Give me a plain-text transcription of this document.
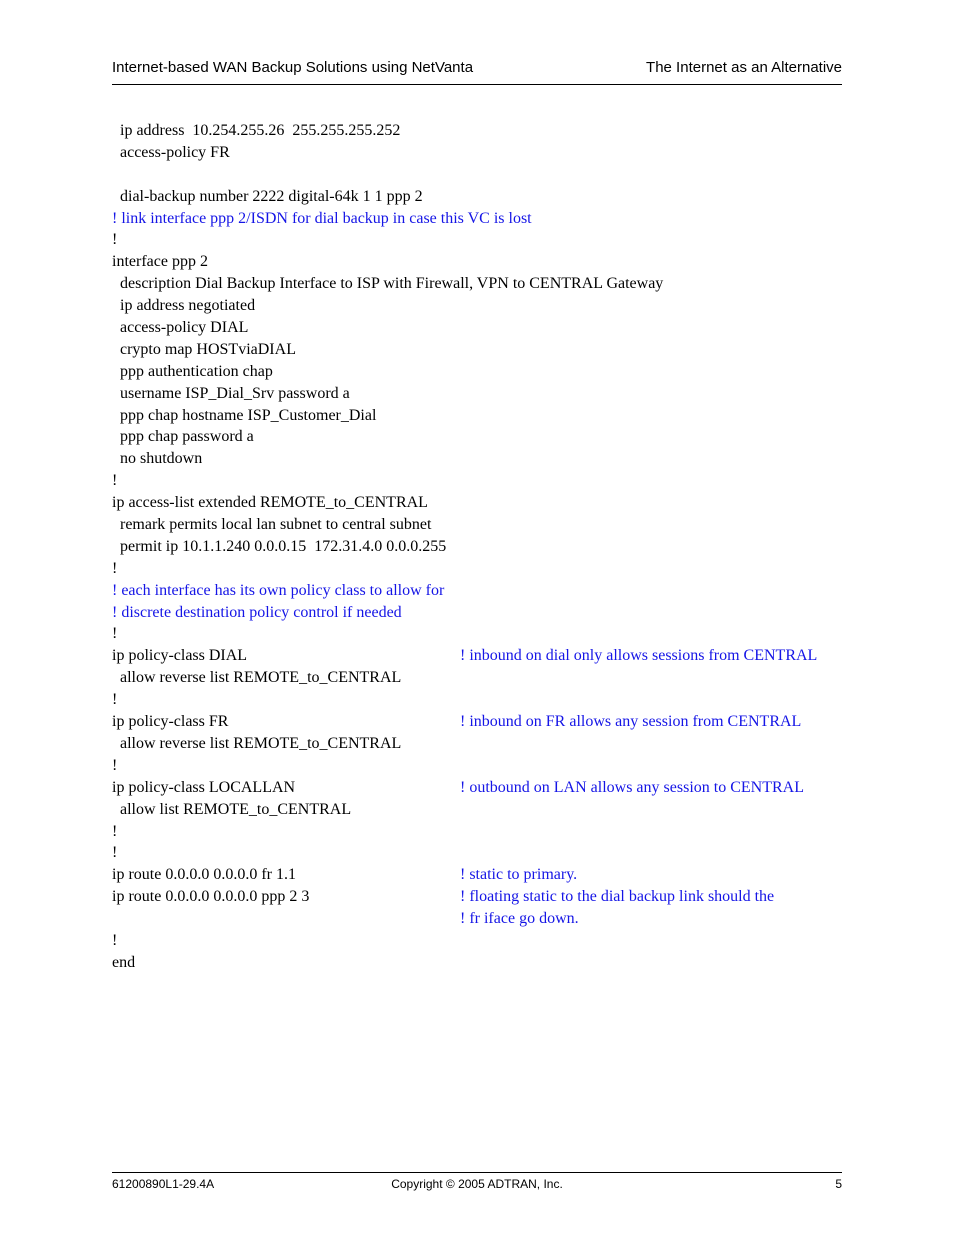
Internet-based WAN Backup Solutions using NetVanta	The Internet as an Alternative
ip address  10.254.255.26  255.255.255.252
access-policy FR
dial-backup number 2222 digital-64k 1 1 ppp 2
! link interface ppp 2/ISDN for dial backup in case this VC is lost
!
interface ppp 2
description Dial Backup Interface to ISP with Firewall, VPN to CENTRAL Gateway
ip address negotiated
access-policy DIAL
crypto map HOSTviaDIAL
ppp authentication chap
username ISP_Dial_Srv password a
ppp chap hostname ISP_Customer_Dial
ppp chap password a
no shutdown
!
ip access-list extended REMOTE_to_CENTRAL
remark permits local lan subnet to central subnet
permit ip 10.1.1.240 0.0.0.15  172.31.4.0 0.0.0.255
!
! each interface has its own policy class to allow for
! discrete destination policy control if needed
!
ip policy-class DIAL	! inbound on dial only allows sessions from CENTRAL
allow reverse list REMOTE_to_CENTRAL
!
ip policy-class FR	! inbound on FR allows any session from CENTRAL
allow reverse list REMOTE_to_CENTRAL
!
ip policy-class LOCALLAN	! outbound on LAN allows any session to CENTRAL
allow list REMOTE_to_CENTRAL
!
!
ip route 0.0.0.0 0.0.0.0 fr 1.1	! static to primary.
ip route 0.0.0.0 0.0.0.0 ppp 2 3	! floating static to the dial backup link should the
! fr iface go down.
!
end
61200890L1-29.4A	Copyright © 2005 ADTRAN, Inc.	5
